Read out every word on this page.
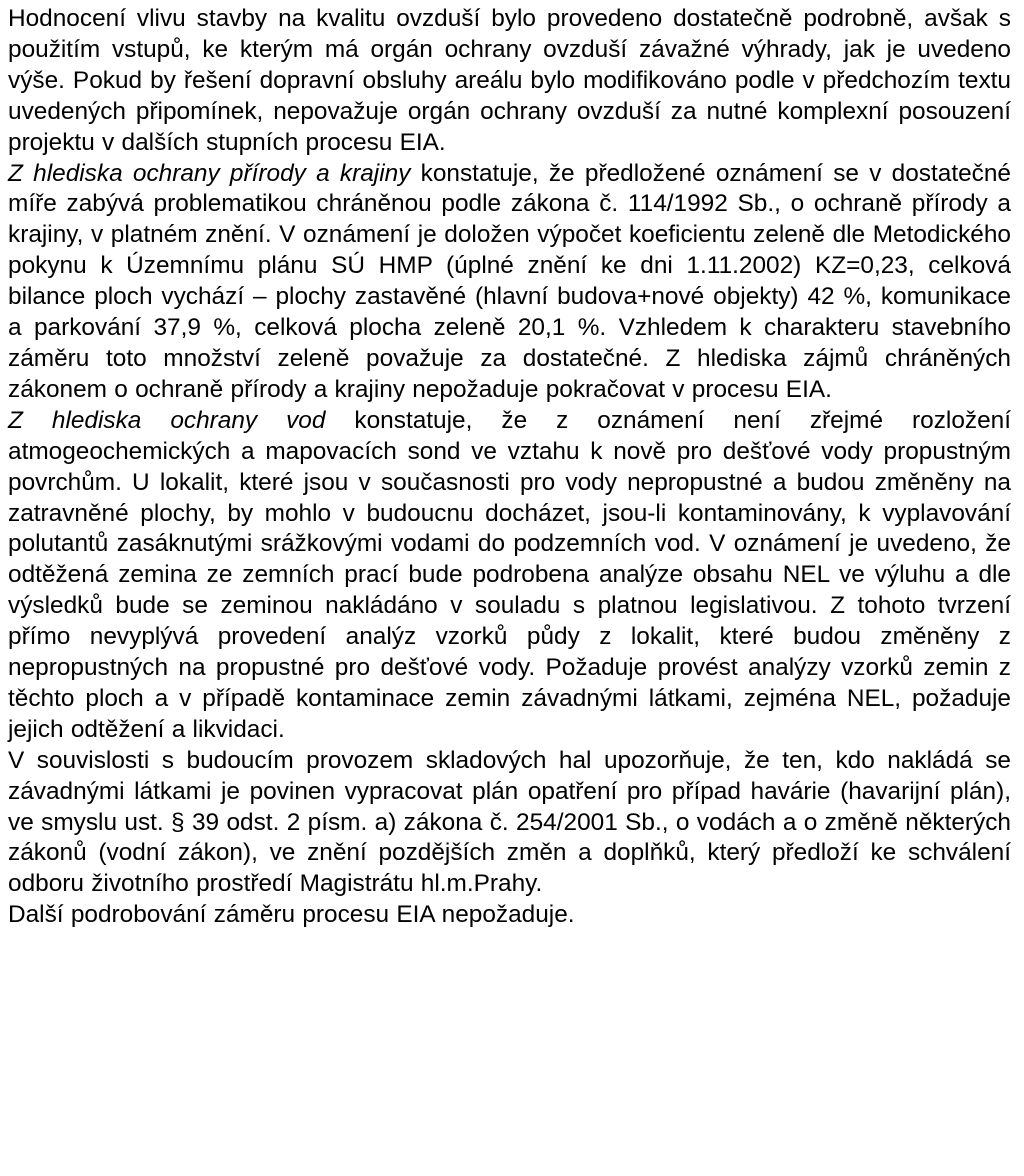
Hodnocení vlivu stavby na kvalitu ovzduší bylo provedeno dostatečně podrobně, avšak s použitím vstupů, ke kterým má orgán ochrany ovzduší závažné výhrady, jak je uvedeno výše. Pokud by řešení dopravní obsluhy areálu bylo modifikováno podle v předchozím textu uvedených připomínek, nepovažuje orgán ochrany ovzduší za nutné komplexní posouzení projektu v dalších stupních procesu EIA.

Z hlediska ochrany přírody a krajiny konstatuje, že předložené oznámení se v dostatečné míře zabývá problematikou chráněnou podle zákona č. 114/1992 Sb., o ochraně přírody a krajiny, v platném znění. V oznámení je doložen výpočet koeficientu zeleně dle Metodického pokynu k Územnímu plánu SÚ HMP (úplné znění ke dni 1.11.2002) KZ=0,23, celková bilance ploch vychází – plochy zastavěné (hlavní budova+nové objekty) 42 %, komunikace a parkování 37,9 %, celková plocha zeleně 20,1 %. Vzhledem k charakteru stavebního záměru toto množství zeleně považuje za dostatečné. Z hlediska zájmů chráněných zákonem o ochraně přírody a krajiny nepožaduje pokračovat v procesu EIA.

Z hlediska ochrany vod konstatuje, že z oznámení není zřejmé rozložení atmogeochemických a mapovacích sond ve vztahu k nově pro dešťové vody propustným povrchům. U lokalit, které jsou v současnosti pro vody nepropustné a budou změněny na zatravněné plochy, by mohlo v budoucnu docházet, jsou-li kontaminovány, k vyplavování polutantů zasáknutými srážkovými vodami do podzemních vod. V oznámení je uvedeno, že odtěžená zemina ze zemních prací bude podrobena analýze obsahu NEL ve výluhu a dle výsledků bude se zeminou nakládáno v souladu s platnou legislativou. Z tohoto tvrzení přímo nevyplývá provedení analýz vzorků půdy z lokalit, které budou změněny z nepropustných na propustné pro dešťové vody. Požaduje provést analýzy vzorků zemin z těchto ploch a v případě kontaminace zemin závadnými látkami, zejména NEL, požaduje jejich odtěžení a likvidaci.

V souvislosti s budoucím provozem skladových hal upozorňuje, že ten, kdo nakládá se závadnými látkami je povinen vypracovat plán opatření pro případ havárie (havarijní plán), ve smyslu ust. § 39 odst. 2 písm. a) zákona č. 254/2001 Sb., o vodách a o změně některých zákonů (vodní zákon), ve znění pozdějších změn a doplňků, který předloží ke schválení odboru životního prostředí Magistrátu hl.m.Prahy.

Další podrobování záměru procesu EIA nepožaduje.
